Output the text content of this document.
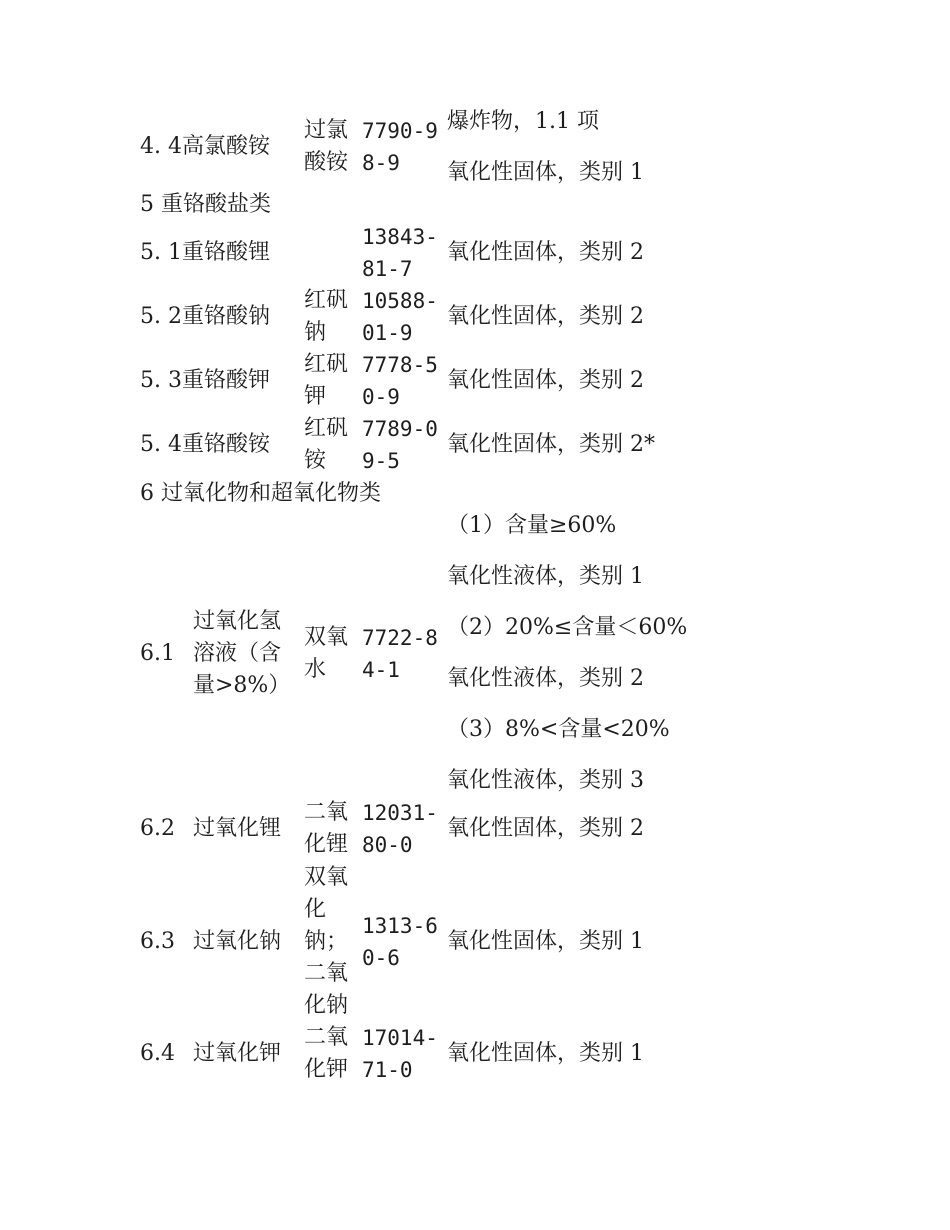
4. 4高氯酸铵
过氯酸铵
7790-98-9
爆炸物，1.1 项
氧化性固体，类别 1
5 重铬酸盐类
5. 1重铬酸锂
13843-81-7
氧化性固体，类别 2
5. 2重铬酸钠
红矾钠
10588-01-9
氧化性固体，类别 2
5. 3重铬酸钾
红矾钾
7778-50-9
氧化性固体，类别 2
5. 4重铬酸铵
红矾铵
7789-09-5
氧化性固体，类别 2*
6 过氧化物和超氧化物类
6.1
过氧化氢溶液（含量>8%）
双氧水
7722-84-1
（1）含量≥60%
氧化性液体，类别 1
（2）20%≤含量＜60%
氧化性液体，类别 2
（3）8%<含量<20%
氧化性液体，类别 3
6.2 过氧化锂
二氧化锂
12031-80-0
氧化性固体，类别 2
6.3 过氧化钠
双氧化钠；二氧化钠
1313-60-6
氧化性固体，类别 1
6.4 过氧化钾
二氧化钾
17014-71-0
氧化性固体，类别 1
